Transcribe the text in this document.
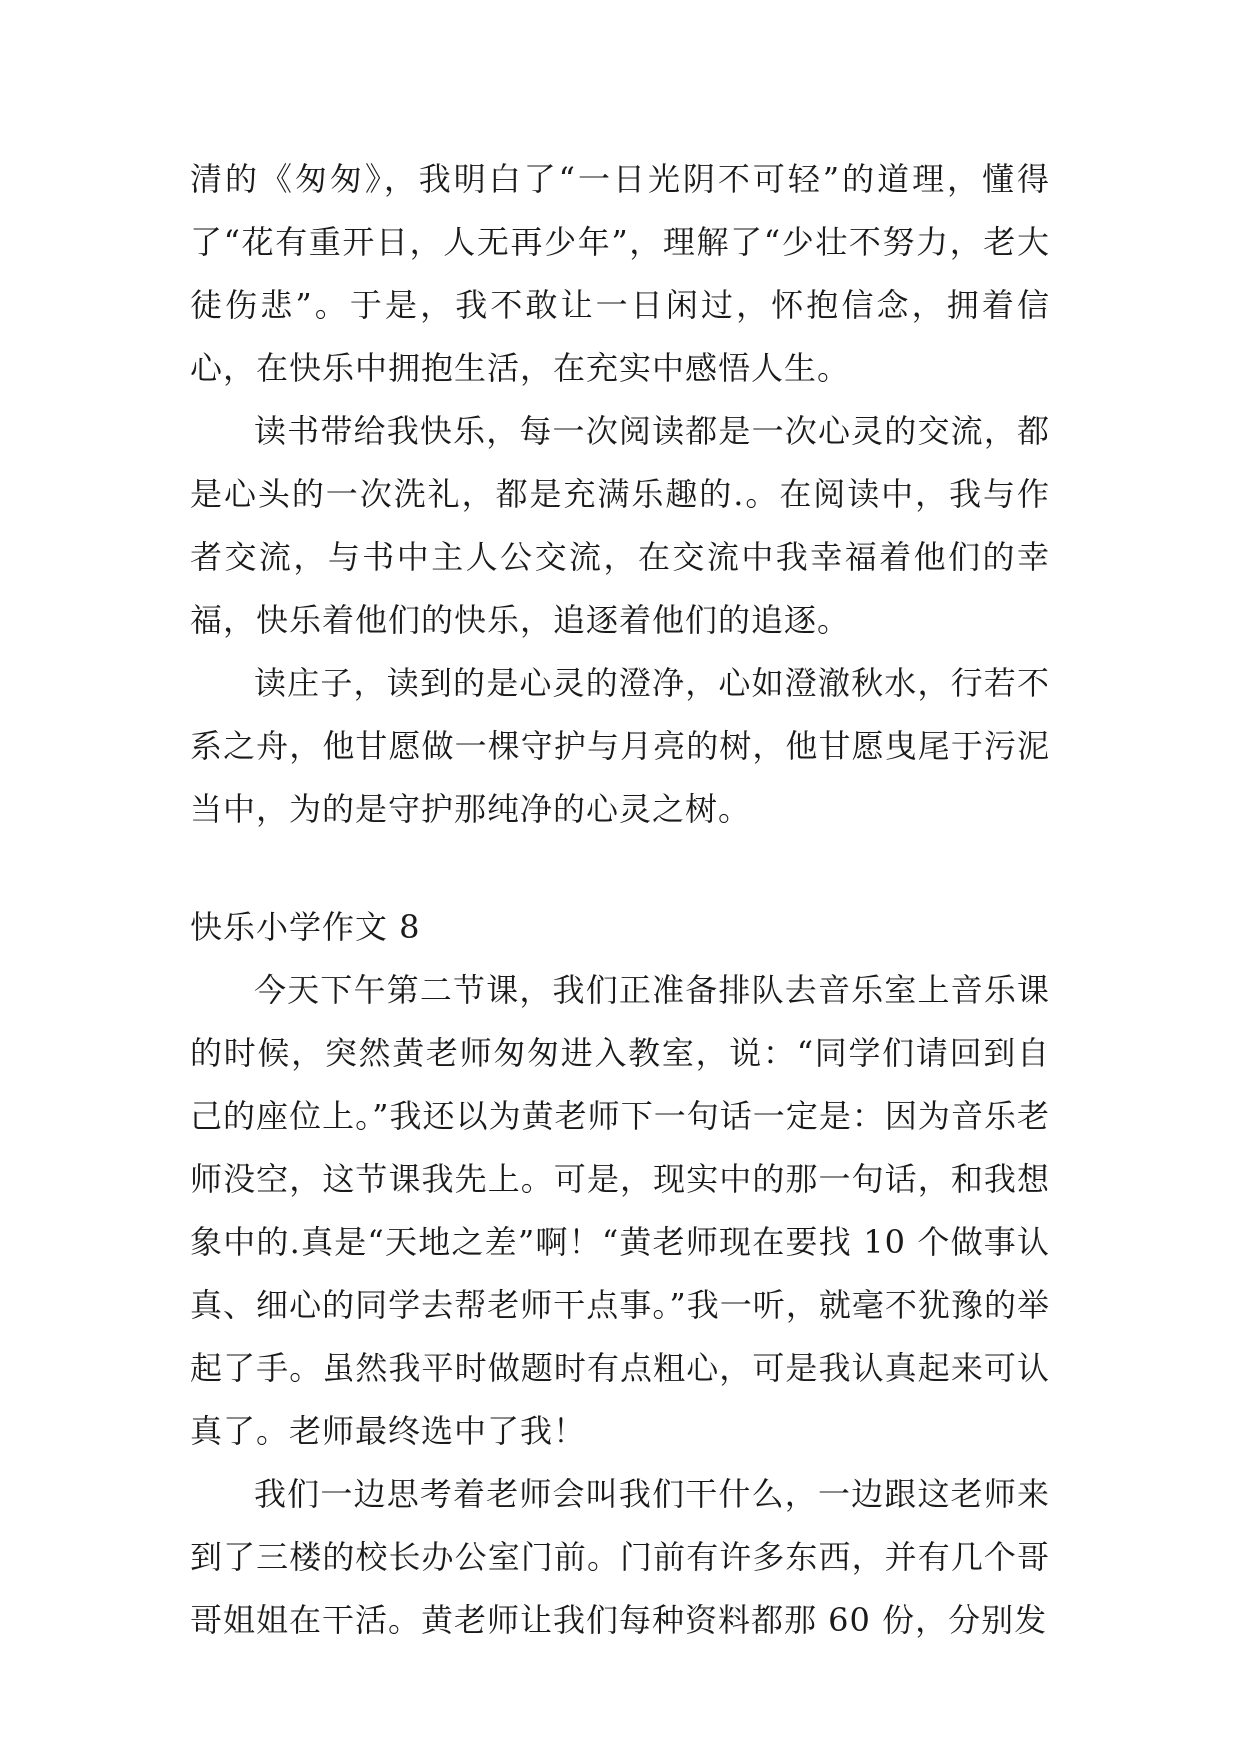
清的《匆匆》，我明白了“一日光阴不可轻”的道理，懂得了“花有重开日，人无再少年”，理解了“少壮不努力，老大徒伤悲”。于是，我不敢让一日闲过，怀抱信念，拥着信心，在快乐中拥抱生活，在充实中感悟人生。

读书带给我快乐，每一次阅读都是一次心灵的交流，都是心头的一次洗礼，都是充满乐趣的.。在阅读中，我与作者交流，与书中主人公交流，在交流中我幸福着他们的幸福，快乐着他们的快乐，追逐着他们的追逐。

读庄子，读到的是心灵的澄净，心如澄澈秋水，行若不系之舟，他甘愿做一棵守护与月亮的树，他甘愿曳尾于污泥当中，为的是守护那纯净的心灵之树。

快乐小学作文 8

今天下午第二节课，我们正准备排队去音乐室上音乐课的时候，突然黄老师匆匆进入教室，说：“同学们请回到自己的座位上。”我还以为黄老师下一句话一定是：因为音乐老师没空，这节课我先上。可是，现实中的那一句话，和我想象中的.真是“天地之差”啊！“黄老师现在要找 10 个做事认真、细心的同学去帮老师干点事。”我一听，就毫不犹豫的举起了手。虽然我平时做题时有点粗心，可是我认真起来可认真了。老师最终选中了我！

我们一边思考着老师会叫我们干什么，一边跟这老师来到了三楼的校长办公室门前。门前有许多东西，并有几个哥哥姐姐在干活。黄老师让我们每种资料都那 60 份，分别发
